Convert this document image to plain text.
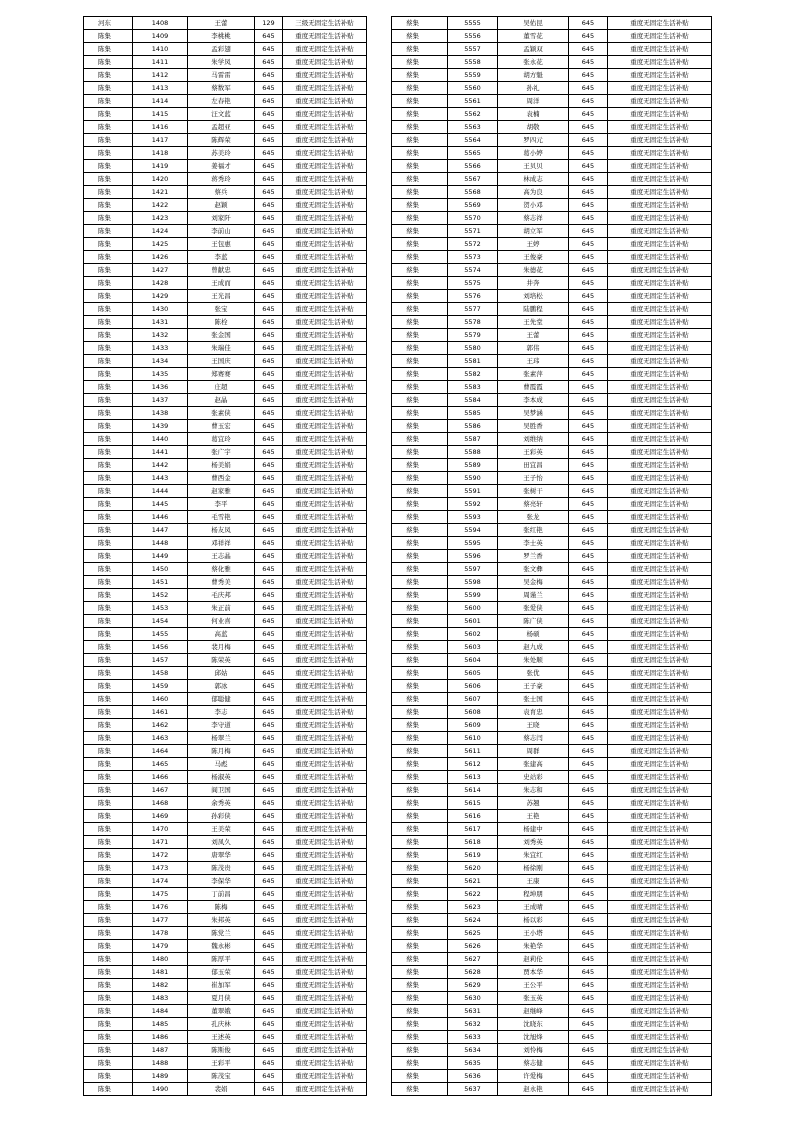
河东	1408	王蕾	129	三级无固定生活补贴
陈集	1409	李桃桃	645	重度无固定生活补贴
陈集	1410	孟彩翅	645	重度无固定生活补贴
陈集	1411	朱学凤	645	重度无固定生活补贴
陈集	1412	马雷雷	645	重度无固定生活补贴
陈集	1413	蔡数军	645	重度无固定生活补贴
陈集	1414	左春艳	645	重度无固定生活补贴
陈集	1415	汪文蓝	645	重度无固定生活补贴
陈集	1416	孟超亚	645	重度无固定生活补贴
陈集	1417	陈辉荣	645	重度无固定生活补贴
陈集	1418	苏美玲	645	重度无固定生活补贴
陈集	1419	姜福才	645	重度无固定生活补贴
陈集	1420	蒋秀玲	645	重度无固定生活补贴
陈集	1421	蔡兵	645	重度无固定生活补贴
陈集	1422	赵颖	645	重度无固定生活补贴
陈集	1423	刘家阡	645	重度无固定生活补贴
陈集	1424	李前山	645	重度无固定生活补贴
陈集	1425	王包惠	645	重度无固定生活补贴
陈集	1426	李蓝	645	重度无固定生活补贴
陈集	1427	曾献忠	645	重度无固定生活补贴
陈集	1428	王成而	645	重度无固定生活补贴
陈集	1429	王光昌	645	重度无固定生活补贴
陈集	1430	张宝	645	重度无固定生活补贴
陈集	1431	陈栓	645	重度无固定生活补贴
陈集	1432	张金国	645	重度无固定生活补贴
陈集	1433	朱瑞佳	645	重度无固定生活补贴
陈集	1434	王国庆	645	重度无固定生活补贴
陈集	1435	郑赛赛	645	重度无固定生活补贴
陈集	1436	庄超	645	重度无固定生活补贴
陈集	1437	赵晶	645	重度无固定生活补贴
陈集	1438	张素侠	645	重度无固定生活补贴
陈集	1439	曹玉宏	645	重度无固定生活补贴
陈集	1440	葛宜玲	645	重度无固定生活补贴
陈集	1441	张广宇	645	重度无固定生活补贴
陈集	1442	杨美娟	645	重度无固定生活补贴
陈集	1443	曹西金	645	重度无固定生活补贴
陈集	1444	赵家雅	645	重度无固定生活补贴
陈集	1445	李平	645	重度无固定生活补贴
陈集	1446	毛雪艳	645	重度无固定生活补贴
陈集	1447	杨友凤	645	重度无固定生活补贴
陈集	1448	邓祥祥	645	重度无固定生活补贴
陈集	1449	王志晶	645	重度无固定生活补贴
陈集	1450	蔡化雅	645	重度无固定生活补贴
陈集	1451	曹秀美	645	重度无固定生活补贴
陈集	1452	毛庆邦	645	重度无固定生活补贴
陈集	1453	朱正前	645	重度无固定生活补贴
陈集	1454	何业喜	645	重度无固定生活补贴
陈集	1455	高蓝	645	重度无固定生活补贴
陈集	1456	裴月梅	645	重度无固定生活补贴
陈集	1457	陈荣英	645	重度无固定生活补贴
陈集	1458	邱姑	645	重度无固定生活补贴
陈集	1459	郭冰	645	重度无固定生活补贴
陈集	1460	郁聪健	645	重度无固定生活补贴
陈集	1461	李志	645	重度无固定生活补贴
陈集	1462	李守道	645	重度无固定生活补贴
陈集	1463	杨翠兰	645	重度无固定生活补贴
陈集	1464	陈月梅	645	重度无固定生活补贴
陈集	1465	马彪	645	重度无固定生活补贴
陈集	1466	杨淑英	645	重度无固定生活补贴
陈集	1467	阎卫国	645	重度无固定生活补贴
陈集	1468	余秀英	645	重度无固定生活补贴
陈集	1469	孙彩侠	645	重度无固定生活补贴
陈集	1470	王美荣	645	重度无固定生活补贴
陈集	1471	刘凤久	645	重度无固定生活补贴
陈集	1472	唐翠华	645	重度无固定生活补贴
陈集	1473	陈茂贵	645	重度无固定生活补贴
陈集	1474	李保华	645	重度无固定生活补贴
陈集	1475	丁前昌	645	重度无固定生活补贴
陈集	1476	陈梅	645	重度无固定生活补贴
陈集	1477	朱邦英	645	重度无固定生活补贴
陈集	1478	陈党兰	645	重度无固定生活补贴
陈集	1479	魏永彬	645	重度无固定生活补贴
陈集	1480	陈厚平	645	重度无固定生活补贴
陈集	1481	郁玉荣	645	重度无固定生活补贴
陈集	1482	崔加军	645	重度无固定生活补贴
陈集	1483	夏月侠	645	重度无固定生活补贴
陈集	1484	董翠娥	645	重度无固定生活补贴
陈集	1485	孔庆林	645	重度无固定生活补贴
陈集	1486	王述英	645	重度无固定生活补贴
陈集	1487	陈斯俊	645	重度无固定生活补贴
陈集	1488	王彩平	645	重度无固定生活补贴
陈集	1489	陈茂宝	645	重度无固定生活补贴
陈集	1490	裴娟	645	重度无固定生活补贴
蔡集	5555	吴佑昆	645	重度无固定生活补贴
蔡集	5556	董雪花	645	重度无固定生活补贴
蔡集	5557	孟颖双	645	重度无固定生活补贴
蔡集	5558	张永花	645	重度无固定生活补贴
蔡集	5559	胡方魁	645	重度无固定生活补贴
蔡集	5560	孙礼	645	重度无固定生活补贴
蔡集	5561	周洋	645	重度无固定生活补贴
蔡集	5562	袁楠	645	重度无固定生活补贴
蔡集	5563	胡敬	645	重度无固定生活补贴
蔡集	5564	罗四元	645	重度无固定生活补贴
蔡集	5565	葛小婷	645	重度无固定生活补贴
蔡集	5566	王贝贝	645	重度无固定生活补贴
蔡集	5567	林成志	645	重度无固定生活补贴
蔡集	5568	高为良	645	重度无固定生活补贴
蔡集	5569	贺小邓	645	重度无固定生活补贴
蔡集	5570	蔡志祥	645	重度无固定生活补贴
蔡集	5571	胡立军	645	重度无固定生活补贴
蔡集	5572	王婷	645	重度无固定生活补贴
蔡集	5573	王俊豪	645	重度无固定生活补贴
蔡集	5574	朱德花	645	重度无固定生活补贴
蔡集	5575	井奔	645	重度无固定生活补贴
蔡集	5576	刘培松	645	重度无固定生活补贴
蔡集	5577	陆鹏程	645	重度无固定生活补贴
蔡集	5578	王先堂	645	重度无固定生活补贴
蔡集	5579	王蕾	645	重度无固定生活补贴
蔡集	5580	郭伟	645	重度无固定生活补贴
蔡集	5581	王玮	645	重度无固定生活补贴
蔡集	5582	张素萍	645	重度无固定生活补贴
蔡集	5583	曹霞霞	645	重度无固定生活补贴
蔡集	5584	李本成	645	重度无固定生活补贴
蔡集	5585	吴梦涵	645	重度无固定生活补贴
蔡集	5586	吴胜香	645	重度无固定生活补贴
蔡集	5587	刘维纳	645	重度无固定生活补贴
蔡集	5588	王彩英	645	重度无固定生活补贴
蔡集	5589	田宜昌	645	重度无固定生活补贴
蔡集	5590	王子怡	645	重度无固定生活补贴
蔡集	5591	张树干	645	重度无固定生活补贴
蔡集	5592	蔡亮轩	645	重度无固定生活补贴
蔡集	5593	张龙	645	重度无固定生活补贴
蔡集	5594	张红艳	645	重度无固定生活补贴
蔡集	5595	李士英	645	重度无固定生活补贴
蔡集	5596	罗兰香	645	重度无固定生活补贴
蔡集	5597	张文彝	645	重度无固定生活补贴
蔡集	5598	吴金梅	645	重度无固定生活补贴
蔡集	5599	周谨兰	645	重度无固定生活补贴
蔡集	5600	张爱侠	645	重度无固定生活补贴
蔡集	5601	陈广侠	645	重度无固定生活补贴
蔡集	5602	杨硕	645	重度无固定生活补贴
蔡集	5603	赵九成	645	重度无固定生活补贴
蔡集	5604	朱处顺	645	重度无固定生活补贴
蔡集	5605	张优	645	重度无固定生活补贴
蔡集	5606	王子豪	645	重度无固定生活补贴
蔡集	5607	张士国	645	重度无固定生活补贴
蔡集	5608	袁育忠	645	重度无固定生活补贴
蔡集	5609	王晓	645	重度无固定生活补贴
蔡集	5610	蔡志闫	645	重度无固定生活补贴
蔡集	5611	周群	645	重度无固定生活补贴
蔡集	5612	张建高	645	重度无固定生活补贴
蔡集	5613	史站彩	645	重度无固定生活补贴
蔡集	5614	朱志和	645	重度无固定生活补贴
蔡集	5615	苏翘	645	重度无固定生活补贴
蔡集	5616	王艳	645	重度无固定生活补贴
蔡集	5617	杨建中	645	重度无固定生活补贴
蔡集	5618	刘秀英	645	重度无固定生活补贴
蔡集	5619	朱宜红	645	重度无固定生活补贴
蔡集	5620	杨徐刚	645	重度无固定生活补贴
蔡集	5621	王康	645	重度无固定生活补贴
蔡集	5622	程坤朋	645	重度无固定生活补贴
蔡集	5623	王成晴	645	重度无固定生活补贴
蔡集	5624	杨以彩	645	重度无固定生活补贴
蔡集	5625	王小塔	645	重度无固定生活补贴
蔡集	5626	朱艳华	645	重度无固定生活补贴
蔡集	5627	赵莉伦	645	重度无固定生活补贴
蔡集	5628	贾本华	645	重度无固定生活补贴
蔡集	5629	王公平	645	重度无固定生活补贴
蔡集	5630	张玉英	645	重度无固定生活补贴
蔡集	5631	赵继峰	645	重度无固定生活补贴
蔡集	5632	沈晓东	645	重度无固定生活补贴
蔡集	5633	沈旭烽	645	重度无固定生活补贴
蔡集	5634	刘怜梅	645	重度无固定生活补贴
蔡集	5635	蔡志健	645	重度无固定生活补贴
蔡集	5636	许爱梅	645	重度无固定生活补贴
蔡集	5637	赵永艳	645	重度无固定生活补贴
